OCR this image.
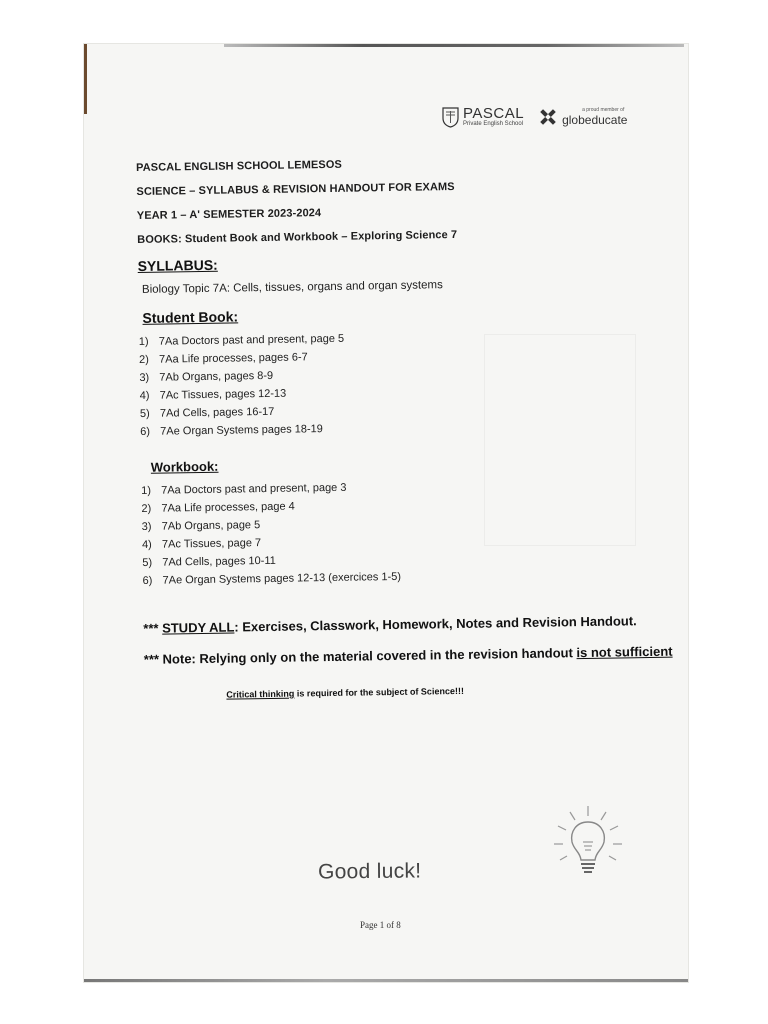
PASCAL
Private English School
a proud member of
globeducate
PASCAL ENGLISH SCHOOL LEMESOS
SCIENCE – SYLLABUS & REVISION HANDOUT FOR EXAMS
YEAR 1 – A' SEMESTER 2023-2024
BOOKS: Student Book and Workbook – Exploring Science 7
SYLLABUS:
Biology Topic 7A: Cells, tissues, organs and organ systems
Student Book:
1) 7Aa Doctors past and present, page 5
2) 7Aa Life processes, pages 6-7
3) 7Ab Organs, pages 8-9
4) 7Ac Tissues, pages 12-13
5) 7Ad Cells, pages 16-17
6) 7Ae Organ Systems pages 18-19
Workbook:
1) 7Aa Doctors past and present, page 3
2) 7Aa Life processes, page 4
3) 7Ab Organs, page 5
4) 7Ac Tissues, page 7
5) 7Ad Cells, pages 10-11
6) 7Ae Organ Systems pages 12-13 (exercices 1-5)
*** STUDY ALL: Exercises, Classwork, Homework, Notes and Revision Handout.
*** Note: Relying only on the material covered in the revision handout is not sufficient
Critical thinking is required for the subject of Science!!!
Good luck!
Page 1 of 8
